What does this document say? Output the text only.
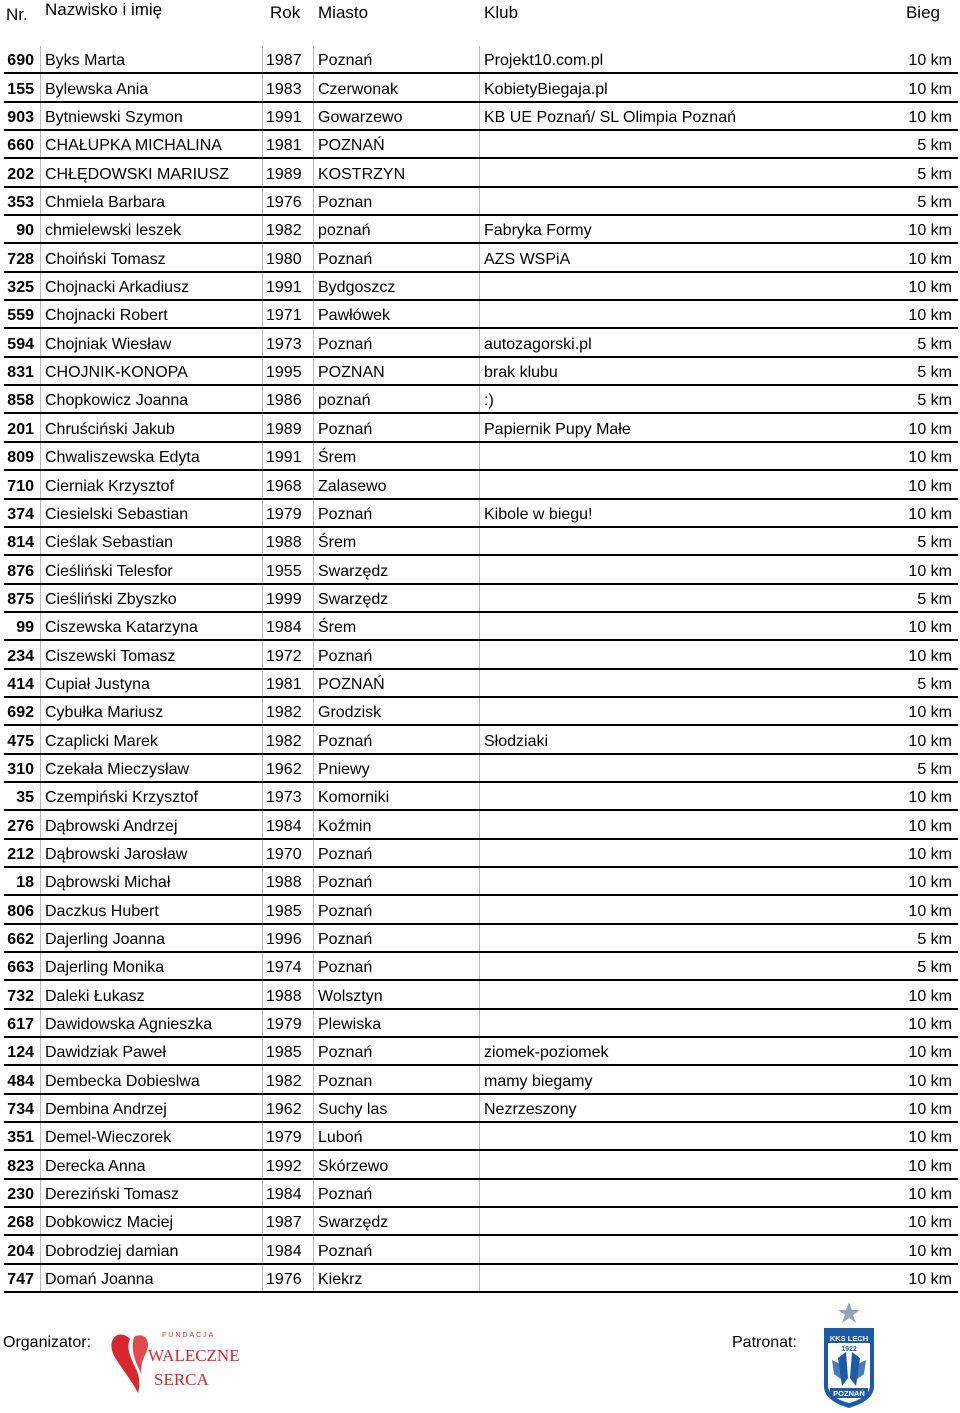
Nr. Nazwisko i imię	Rok Miasto	Klub	Bieg
690 Byks Marta	1987 Poznań	Projekt10.com.pl	10 km
155 Bylewska Ania	1983 Czerwonak	KobietyBiegaja.pl	10 km
903 Bytniewski Szymon	1991 Gowarzewo	KB UE Poznań/ SL Olimpia Poznań	10 km
660 CHAŁUPKA MICHALINA	1981 POZNAŃ	5 km
202 CHŁĘDOWSKI MARIUSZ 1989 KOSTRZYN	5 km
353 Chmiela Barbara	1976 Poznan	5 km
90 chmielewski leszek	1982 poznań	Fabryka Formy	10 km
728 Choiński Tomasz	1980 Poznań	AZS WSPiA	10 km
325 Chojnacki Arkadiusz	1991 Bydgoszcz	10 km
559 Chojnacki Robert	1971 Pawłówek	10 km
594 Chojniak Wiesław	1973 Poznań	autozagorski.pl	5 km
831 CHOJNIK-KONOPA	1995 POZNAN	brak klubu	5 km
858 Chopkowicz Joanna	1986 poznań	:)	5 km
201 Chruściński Jakub	1989 Poznań	Papiernik Pupy Małe	10 km
809 Chwaliszewska Edyta	1991 Śrem	10 km
710 Cierniak Krzysztof	1968 Zalasewo	10 km
374 Ciesielski Sebastian	1979 Poznań	Kibole w biegu!	10 km
814 Cieślak Sebastian	1988 Śrem	5 km
876 Cieśliński Telesfor	1955 Swarzędz	10 km
875 Cieśliński Zbyszko	1999 Swarzędz	5 km
99 Ciszewska Katarzyna	1984 Śrem	10 km
234 Ciszewski Tomasz	1972 Poznań	10 km
414 Cupiał Justyna	1981 POZNAŃ	5 km
692 Cybułka Mariusz	1982 Grodzisk	10 km
475 Czaplicki Marek	1982 Poznań	Słodziaki	10 km
310 Czekała Mieczysław	1962 Pniewy	5 km
35 Czempiński Krzysztof	1973 Komorniki	10 km
276 Dąbrowski Andrzej	1984 Koźmin	10 km
212 Dąbrowski Jarosław	1970 Poznań	10 km
18 Dąbrowski Michał	1988 Poznań	10 km
806 Daczkus Hubert	1985 Poznań	10 km
662 Dajerling Joanna	1996 Poznań	5 km
663 Dajerling Monika	1974 Poznań	5 km
732 Daleki Łukasz	1988 Wolsztyn	10 km
617 Dawidowska Agnieszka	1979 Plewiska	10 km
124 Dawidziak Paweł	1985 Poznań	ziomek-poziomek	10 km
484 Dembecka Dobieslwa	1982 Poznan	mamy biegamy	10 km
734 Dembina Andrzej	1962 Suchy las	Nezrzeszony	10 km
351 Demel-Wieczorek	1979 Luboń	10 km
823 Derecka Anna	1992 Skórzewo	10 km
230 Dereziński Tomasz	1984 Poznań	10 km
268 Dobkowicz Maciej	1987 Swarzędz	10 km
204 Dobrodziej damian	1984 Poznań	10 km
747 Domań Joanna	1976 Kiekrz	10 km
Organizator:	FUNDACJA
WALECZNE
SERCA
Patronat:	KKS LECH
1922
POZNAŃ
